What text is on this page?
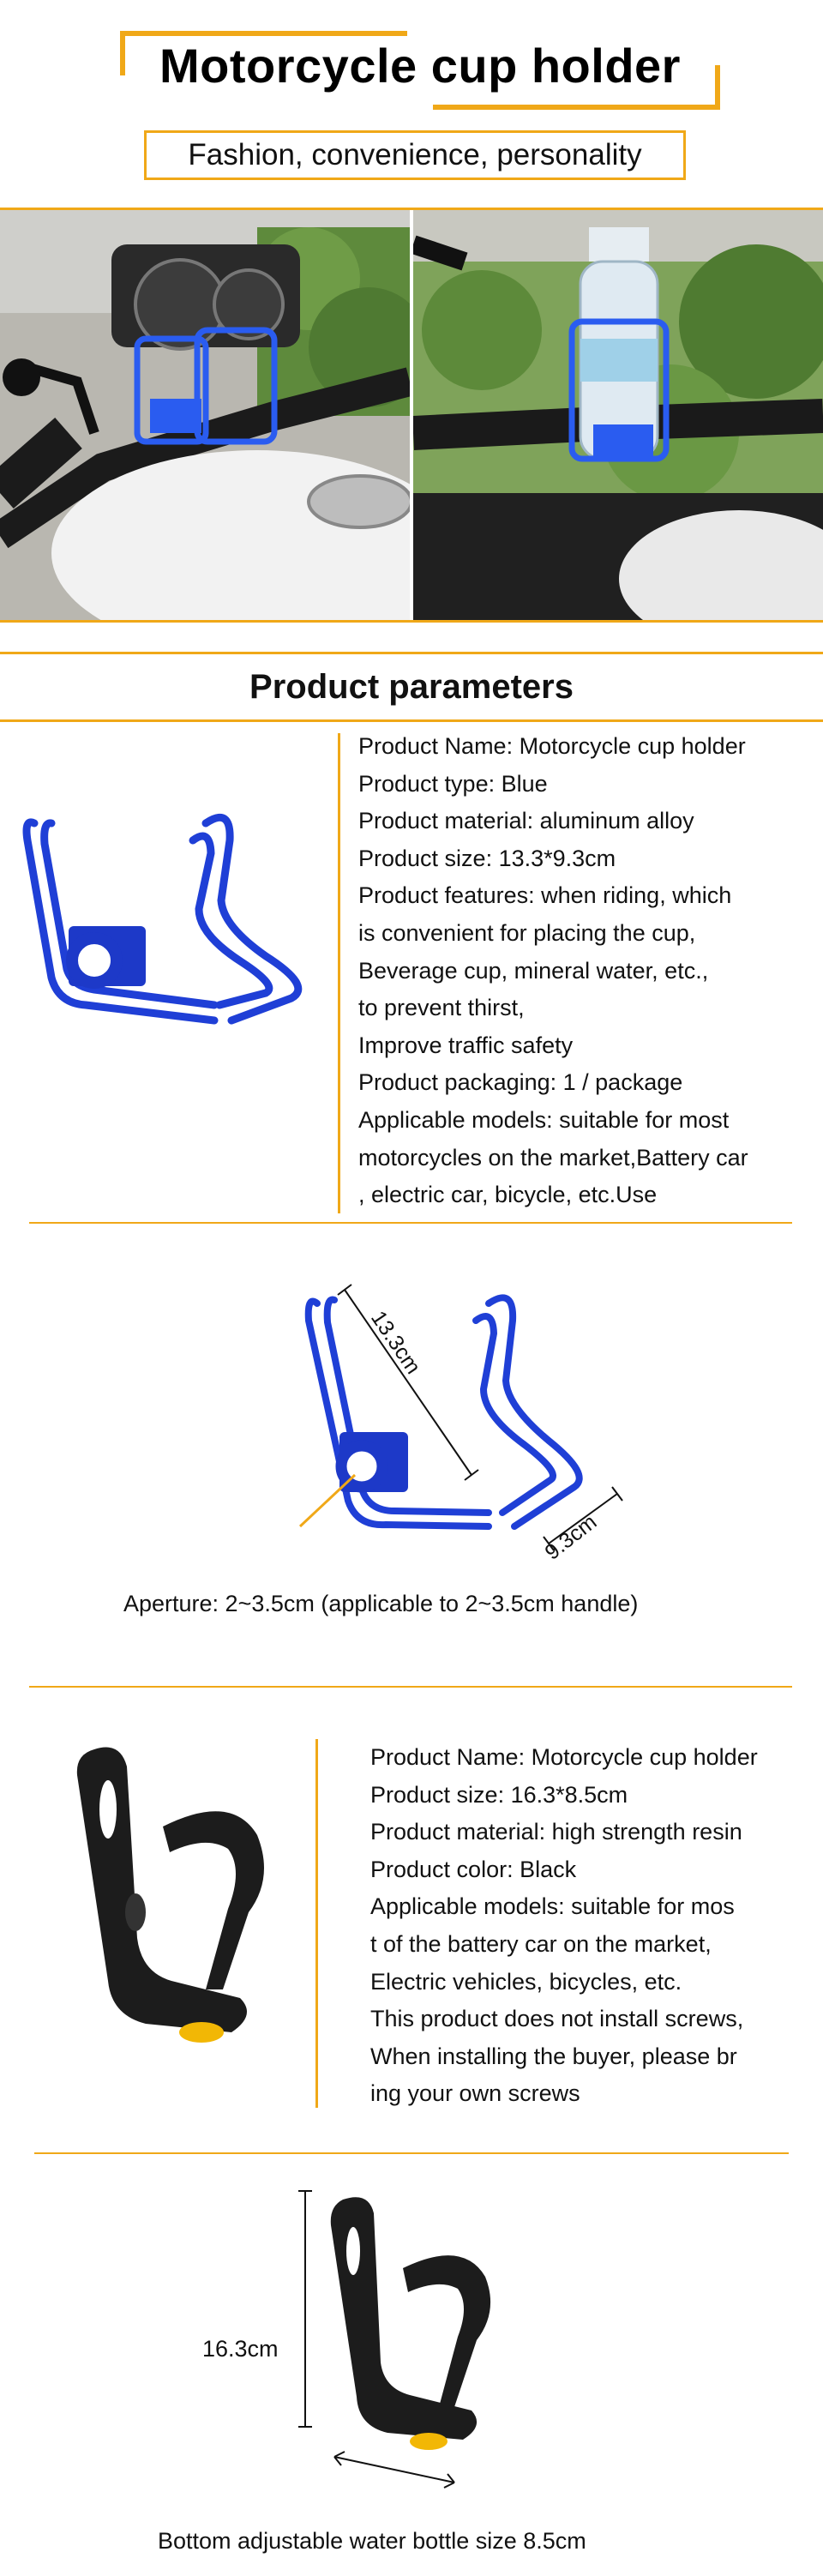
Motorcycle cup holder
Fashion, convenience, personality
Product parameters
Product Name: Motorcycle cup holder
Product type: Blue
Product material: aluminum alloy
Product size: 13.3*9.3cm
Product features: when riding, which
is convenient for placing the cup,
Beverage cup, mineral water, etc.,
to prevent thirst,
Improve traffic safety
Product packaging: 1 / package
Applicable models: suitable for most
motorcycles on the market,Battery car
, electric car, bicycle, etc.Use
13.3cm
9.3cm
Aperture: 2~3.5cm (applicable to 2~3.5cm handle)
Product Name: Motorcycle cup holder
Product size: 16.3*8.5cm
Product material: high strength resin
Product color: Black
Applicable models: suitable for mos
t of the battery car on the market,
Electric vehicles, bicycles, etc.
This product does not install screws,
When installing the buyer, please br
ing your own screws
16.3cm
Bottom adjustable water bottle size 8.5cm
